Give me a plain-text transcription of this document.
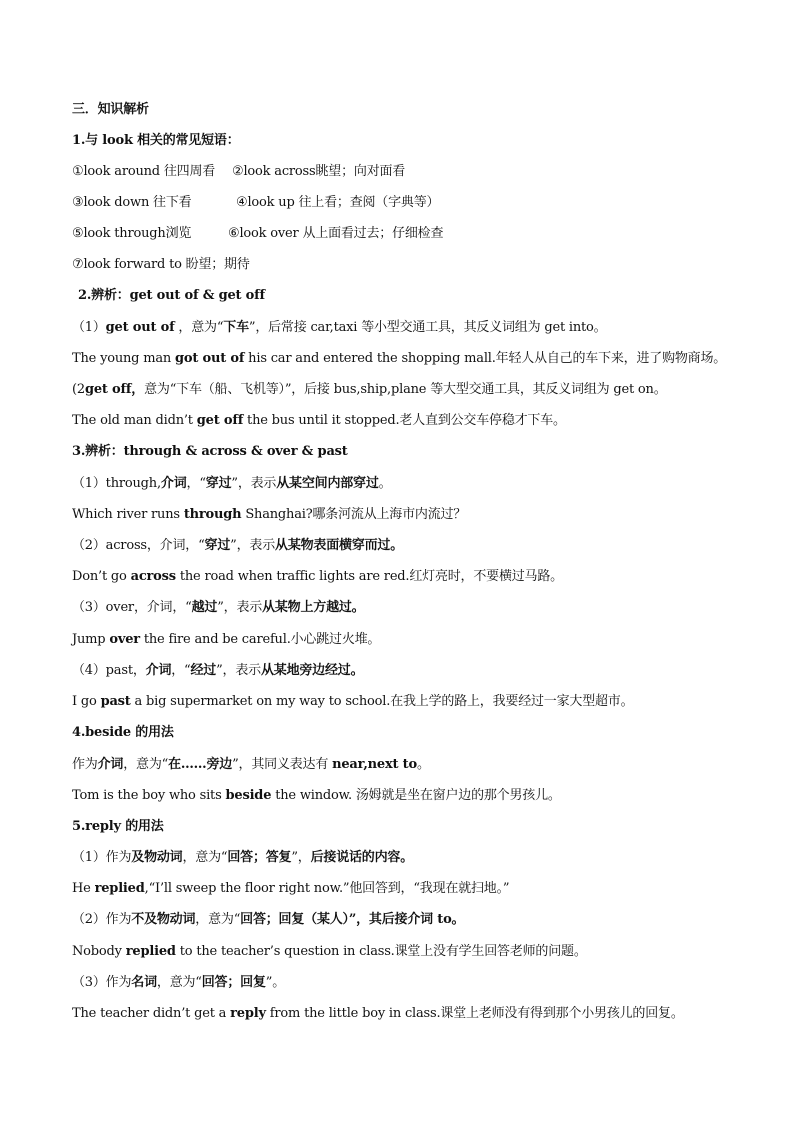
三．知识解析
1.与 look 相关的常见短语：
①look around 往四周看 ②look across眺望；向对面看
③look down 往下看	④look up 往上看；查阅（字典等）
⑤look through浏览	⑥look over 从上面看过去；仔细检查
⑦look forward to 盼望；期待
2.辨析：get out of & get off
（1）get out of ，意为“下车”，后常接 car,taxi 等小型交通工具，其反义词组为 get into。
The young man got out of his car and entered the shopping mall.年轻人从自己的车下来，进了购物商场。
(2get off，意为“下车（船、飞机等）”，后接 bus,ship,plane 等大型交通工具，其反义词组为 get on。
The old man didn’t get off the bus until it stopped.老人直到公交车停稳才下车。
3.辨析：through & across & over & past
（1）through,介词，“穿过”，表示从某空间内部穿过。
Which river runs through Shanghai?哪条河流从上海市内流过？
（2）across，介词，“穿过”，表示从某物表面横穿而过。
Don’t go across the road when traffic lights are red.红灯亮时，不要横过马路。
（3）over，介词，“越过”，表示从某物上方越过。
Jump over the fire and be careful.小心跳过火堆。
（4）past，介词，“经过”，表示从某地旁边经过。
I go past a big supermarket on my way to school.在我上学的路上，我要经过一家大型超市。
4.beside 的用法
作为介词，意为“在……旁边”，其同义表达有 near,next to。
Tom is the boy who sits beside the window. 汤姆就是坐在窗户边的那个男孩儿。
5.reply 的用法
（1）作为及物动词，意为“回答；答复”，后接说话的内容。
He replied,“I’ll sweep the floor right now.”他回答到，“我现在就扫地。”
（2）作为不及物动词，意为“回答；回复（某人）”，其后接介词 to。
Nobody replied to the teacher’s question in class.课堂上没有学生回答老师的问题。
（3）作为名词，意为“回答；回复”。
The teacher didn’t get a reply from the little boy in class.课堂上老师没有得到那个小男孩儿的回复。
